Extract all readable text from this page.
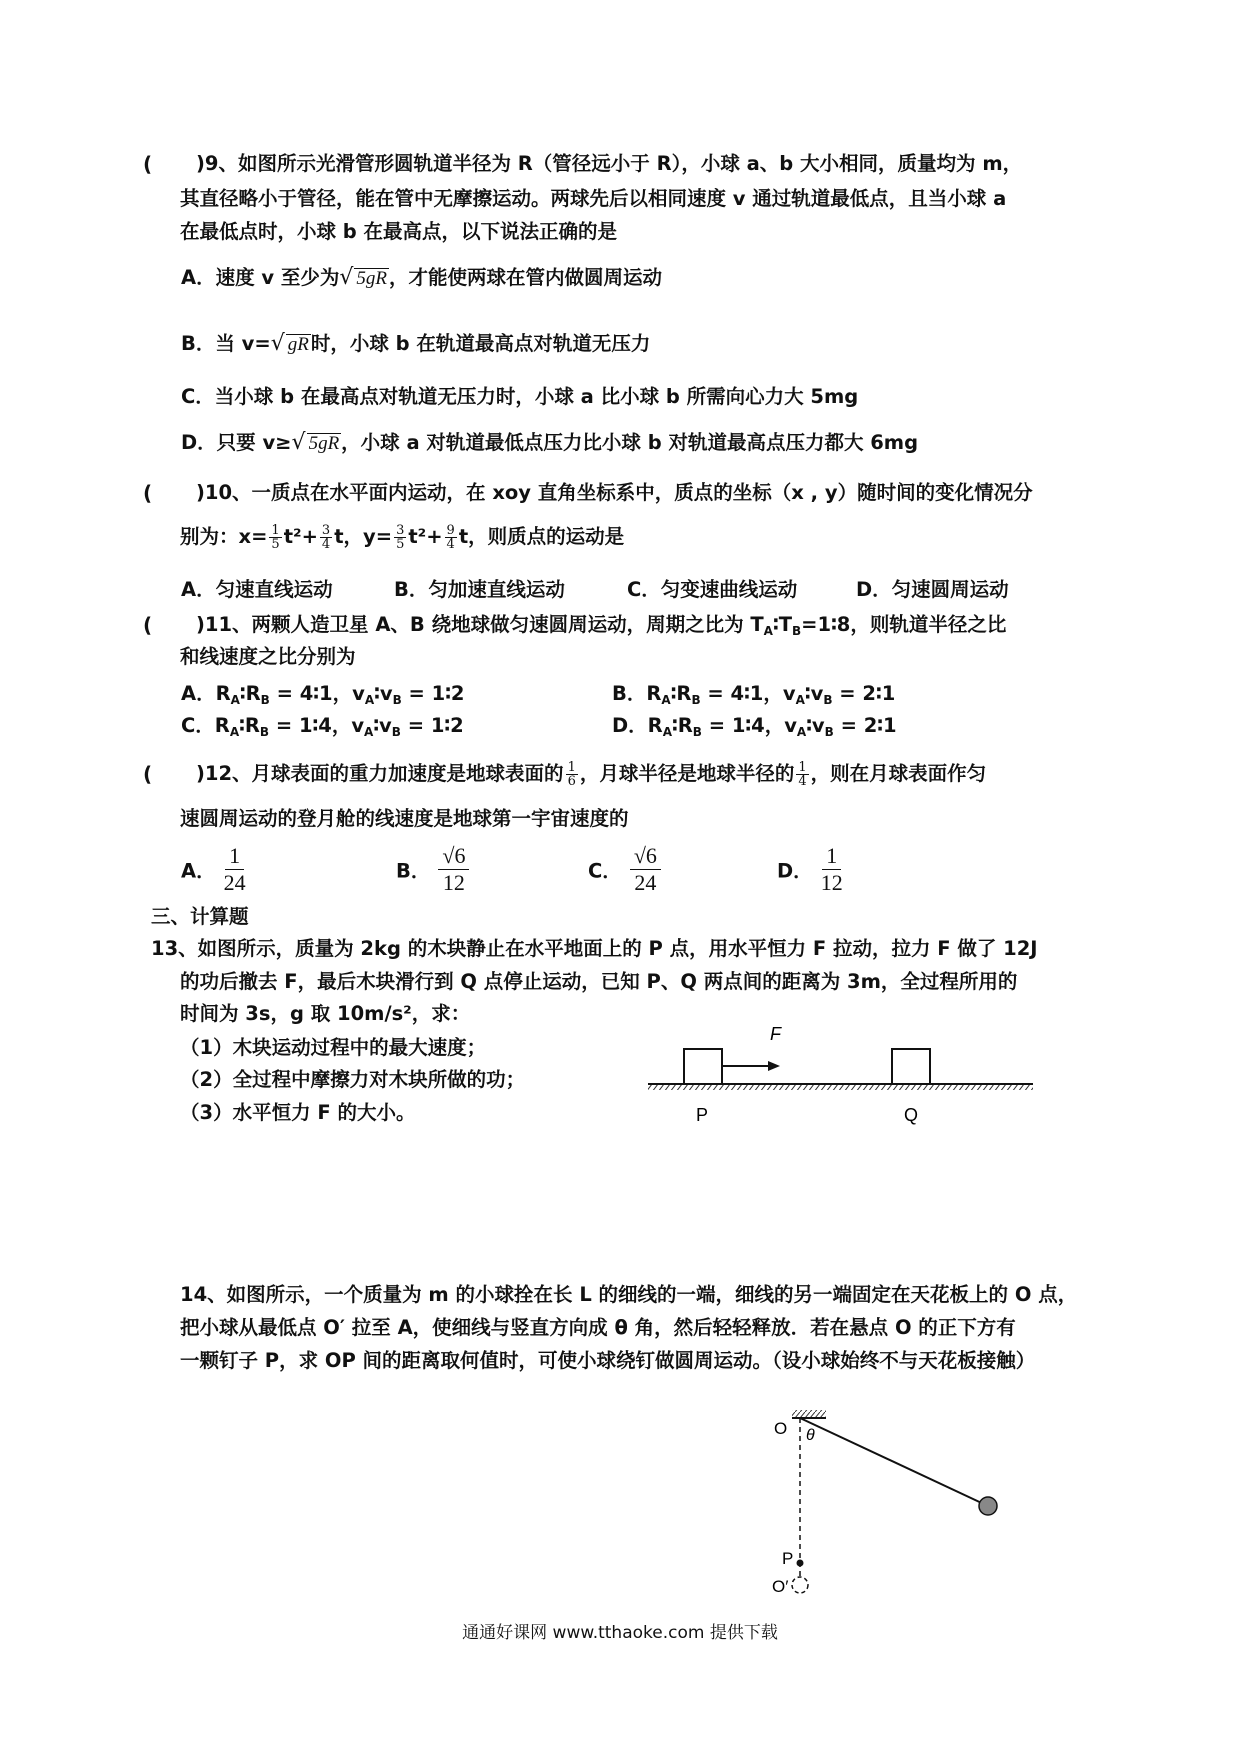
( )9、如图所示光滑管形圆轨道半径为 R（管径远小于 R），小球 a、b 大小相同，质量均为 m，
其直径略小于管径，能在管中无摩擦运动。两球先后以相同速度 v 通过轨道最低点，且当小球 a
在最低点时，小球 b 在最高点，以下说法正确的是
A．速度 v 至少为√ 5gR ，才能使两球在管内做圆周运动
B．当 v=√ gR 时，小球 b 在轨道最高点对轨道无压力
C．当小球 b 在最高点对轨道无压力时，小球 a 比小球 b 所需向心力大 5mg
D．只要 v≥√ 5gR ，小球 a 对轨道最低点压力比小球 b 对轨道最高点压力都大 6mg
( )10、一质点在水平面内运动，在 xoy 直角坐标系中，质点的坐标（x , y）随时间的变化情况分
别为：$x= \frac{1}{5} t^2+ \frac{3}{4}$ t，$y= \frac{3}{5} t^2+ \frac{9}{4}$ t，则质点的运动是
A．匀速直线运动	B．匀加速直线运动	C．匀变速曲线运动	D．匀速圆周运动
( )11、两颗人造卫星 A、B 绕地球做匀速圆周运动，周期之比为 $T_A∶T_B=1∶8$，则轨道半径之比
和线速度之比分别为
A．$R_A∶R_B$ = 4∶1，$v_A∶v_B$ = 1∶2	B．$R_A∶R_B$ = 4∶1，$v_A∶v_B$ = 2∶1
C．$R_A∶R_B$ = 1∶4，$v_A∶v_B$ = 1∶2	D．$R_A∶R_B$ = 1∶4，$v_A∶v_B$ = 2∶1
( )12、月球表面的重力加速度是地球表面的 $\frac{1}{6}$ ，月球半径是地球半径的 $\frac{1}{4}$ ，则在月球表面作匀
速圆周运动的登月舱的线速度是地球第一宇宙速度的
A． $\frac{1}{24}$	B． $\frac{√6}{12}$	C． $\frac{√6}{24}$	D． $\frac{1}{12}$
三、计算题
13、如图所示，质量为 2kg 的木块静止在水平地面上的 P 点，用水平恒力 F 拉动，拉力 F 做了 12J
的功后撤去 F，最后木块滑行到 Q 点停止运动，已知 P、Q 两点间的距离为 3m，全过程所用的
时间为 3s，g 取 10m/s²，求：
（1）木块运动过程中的最大速度；
（2）全过程中摩擦力对木块所做的功；
（3）水平恒力 F 的大小。
F
P	Q
14、如图所示，一个质量为 m 的小球拴在长 L 的细线的一端，细线的另一端固定在天花板上的 O 点，
把小球从最低点 O′ 拉至 A，使细线与竖直方向成 θ 角，然后轻轻释放．若在悬点 O 的正下方有
一颗钉子 P，求 OP 间的距离取何值时，可使小球绕钉做圆周运动。（设小球始终不与天花板接触）
O θ
P
O′
通通好课网 www.tthaoke.com 提供下载
